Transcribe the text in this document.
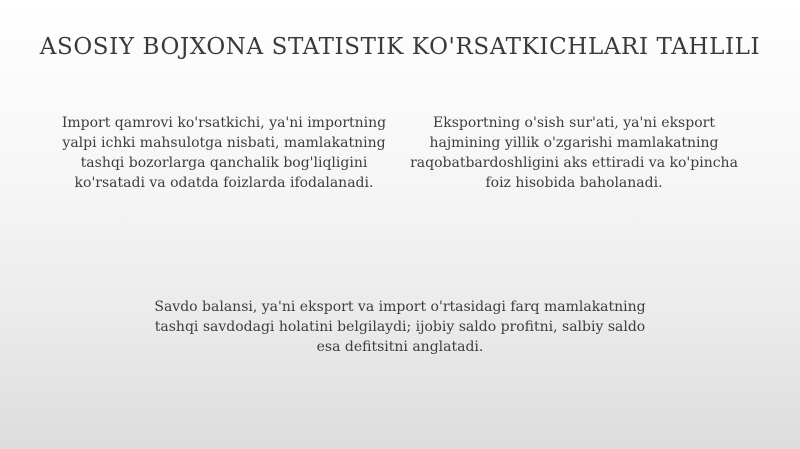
ASOSIY BOJXONA STATISTIK KO'RSATKICHLARI TAHLILI
Import qamrovi ko'rsatkichi, ya'ni importning yalpi ichki mahsulotga nisbati, mamlakatning tashqi bozorlarga qanchalik bog'liqligini ko'rsatadi va odatda foizlarda ifodalanadi.
Eksportning o'sish sur'ati, ya'ni eksport hajmining yillik o'zgarishi mamlakatning raqobatbardoshligini aks ettiradi va ko'pincha foiz hisobida baholanadi.
Savdo balansi, ya'ni eksport va import o'rtasidagi farq mamlakatning tashqi savdodagi holatini belgilaydi; ijobiy saldo profitni, salbiy saldo esa defitsitni anglatadi.
